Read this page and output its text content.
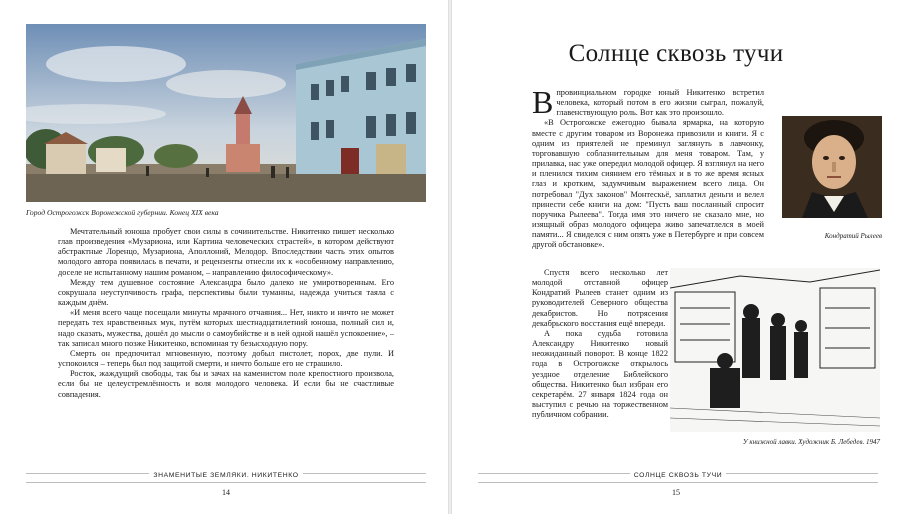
Город Острогожск Воронежской губернии. Конец XIX века

Мечтательный юноша пробует свои силы в сочинительстве. Никитенко пишет несколько глав произведения «Музарионa, или Картина человеческих страстей», в котором действуют абстрактные Лоренцо, Музариона, Аполлоний, Мелодор. Впоследствии часть этих опытов молодого автора появилась в печати, и рецензенты отнесли их к «особенному направлению, доселе не испытанному нашим романом, – направлению философическому».

Между тем душевное состояние Александра было далеко не умиротворенным. Его сокрушала неуступчивость графа, перспективы были туманны, надежда учиться таяла с каждым днём.

«И меня всего чаще посещали минуты мрачного отчаяния... Нет, никто и ничто не может передать тех нравственных мук, путём которых шестнадцатилетний юноша, полный сил и, надо сказать, мужества, дошёл до мысли о самоубийстве и в ней одной нашёл успокоение», – так записал много позже Никитенко, вспоминая ту безысходную пору.

Смерть он предпочитал мгновенную, поэтому добыл пистолет, порох, две пули. И успокоился – теперь был под защитой смерти, и ничто больше его не страшило.

Росток, жаждущий свободы, так бы и зачах на каменистом поле крепостного произвола, если бы не целеустремлённость и воля молодого человека. И если бы не счастливые совпадения.

ЗНАМЕНИТЫЕ ЗЕМЛЯКИ. НИКИТЕНКО
14
Солнце сквозь тучи

В провинциальном городке юный Никитенко встретил человека, который потом в его жизни сыграл, пожалуй, главенствующую роль. Вот как это произошло.

«В Острогожске ежегодно бывала ярмарка, на которую вместе с другим товаром из Воронежа привозили и книги. Я с одним из приятелей не преминул заглянуть в лавчонку, торговавшую соблазнительным для меня товаром. Там, у прилавка, нас уже опередил молодой офицер. Я взглянул на него и пленился тихим сиянием его тёмных и в то же время ясных глаз и кротким, задумчивым выражением всего лица. Он потребовал "Дух законов" Монтескьё, заплатил деньги и велел принести себе книги на дом: "Пусть ваш посланный спросит поручика Рылеева". Тогда имя это ничего не сказало мне, но изящный образ молодого офицера живо запечатлелся в моей памяти... Я свиделся с ним опять уже в Петербурге и при совсем другой обстановке».

Кондратий Рылеев

Спустя всего несколько лет молодой отставной офицер Кондратий Рылеев станет одним из руководителей Северного общества декабристов. Но потрясения декабрьского восстания ещё впереди.

А пока судьба готовила Александру Никитенко новый неожиданный поворот. В конце 1822 года в Острогожске открылось уездное отделение Библейского общества. Никитенко был избран его секретарём. 27 января 1824 года он выступил с речью на торжественном публичном собрании.

У книжной лавки. Художник Б. Лебедев. 1947
СОЛНЦЕ СКВОЗЬ ТУЧИ
15
